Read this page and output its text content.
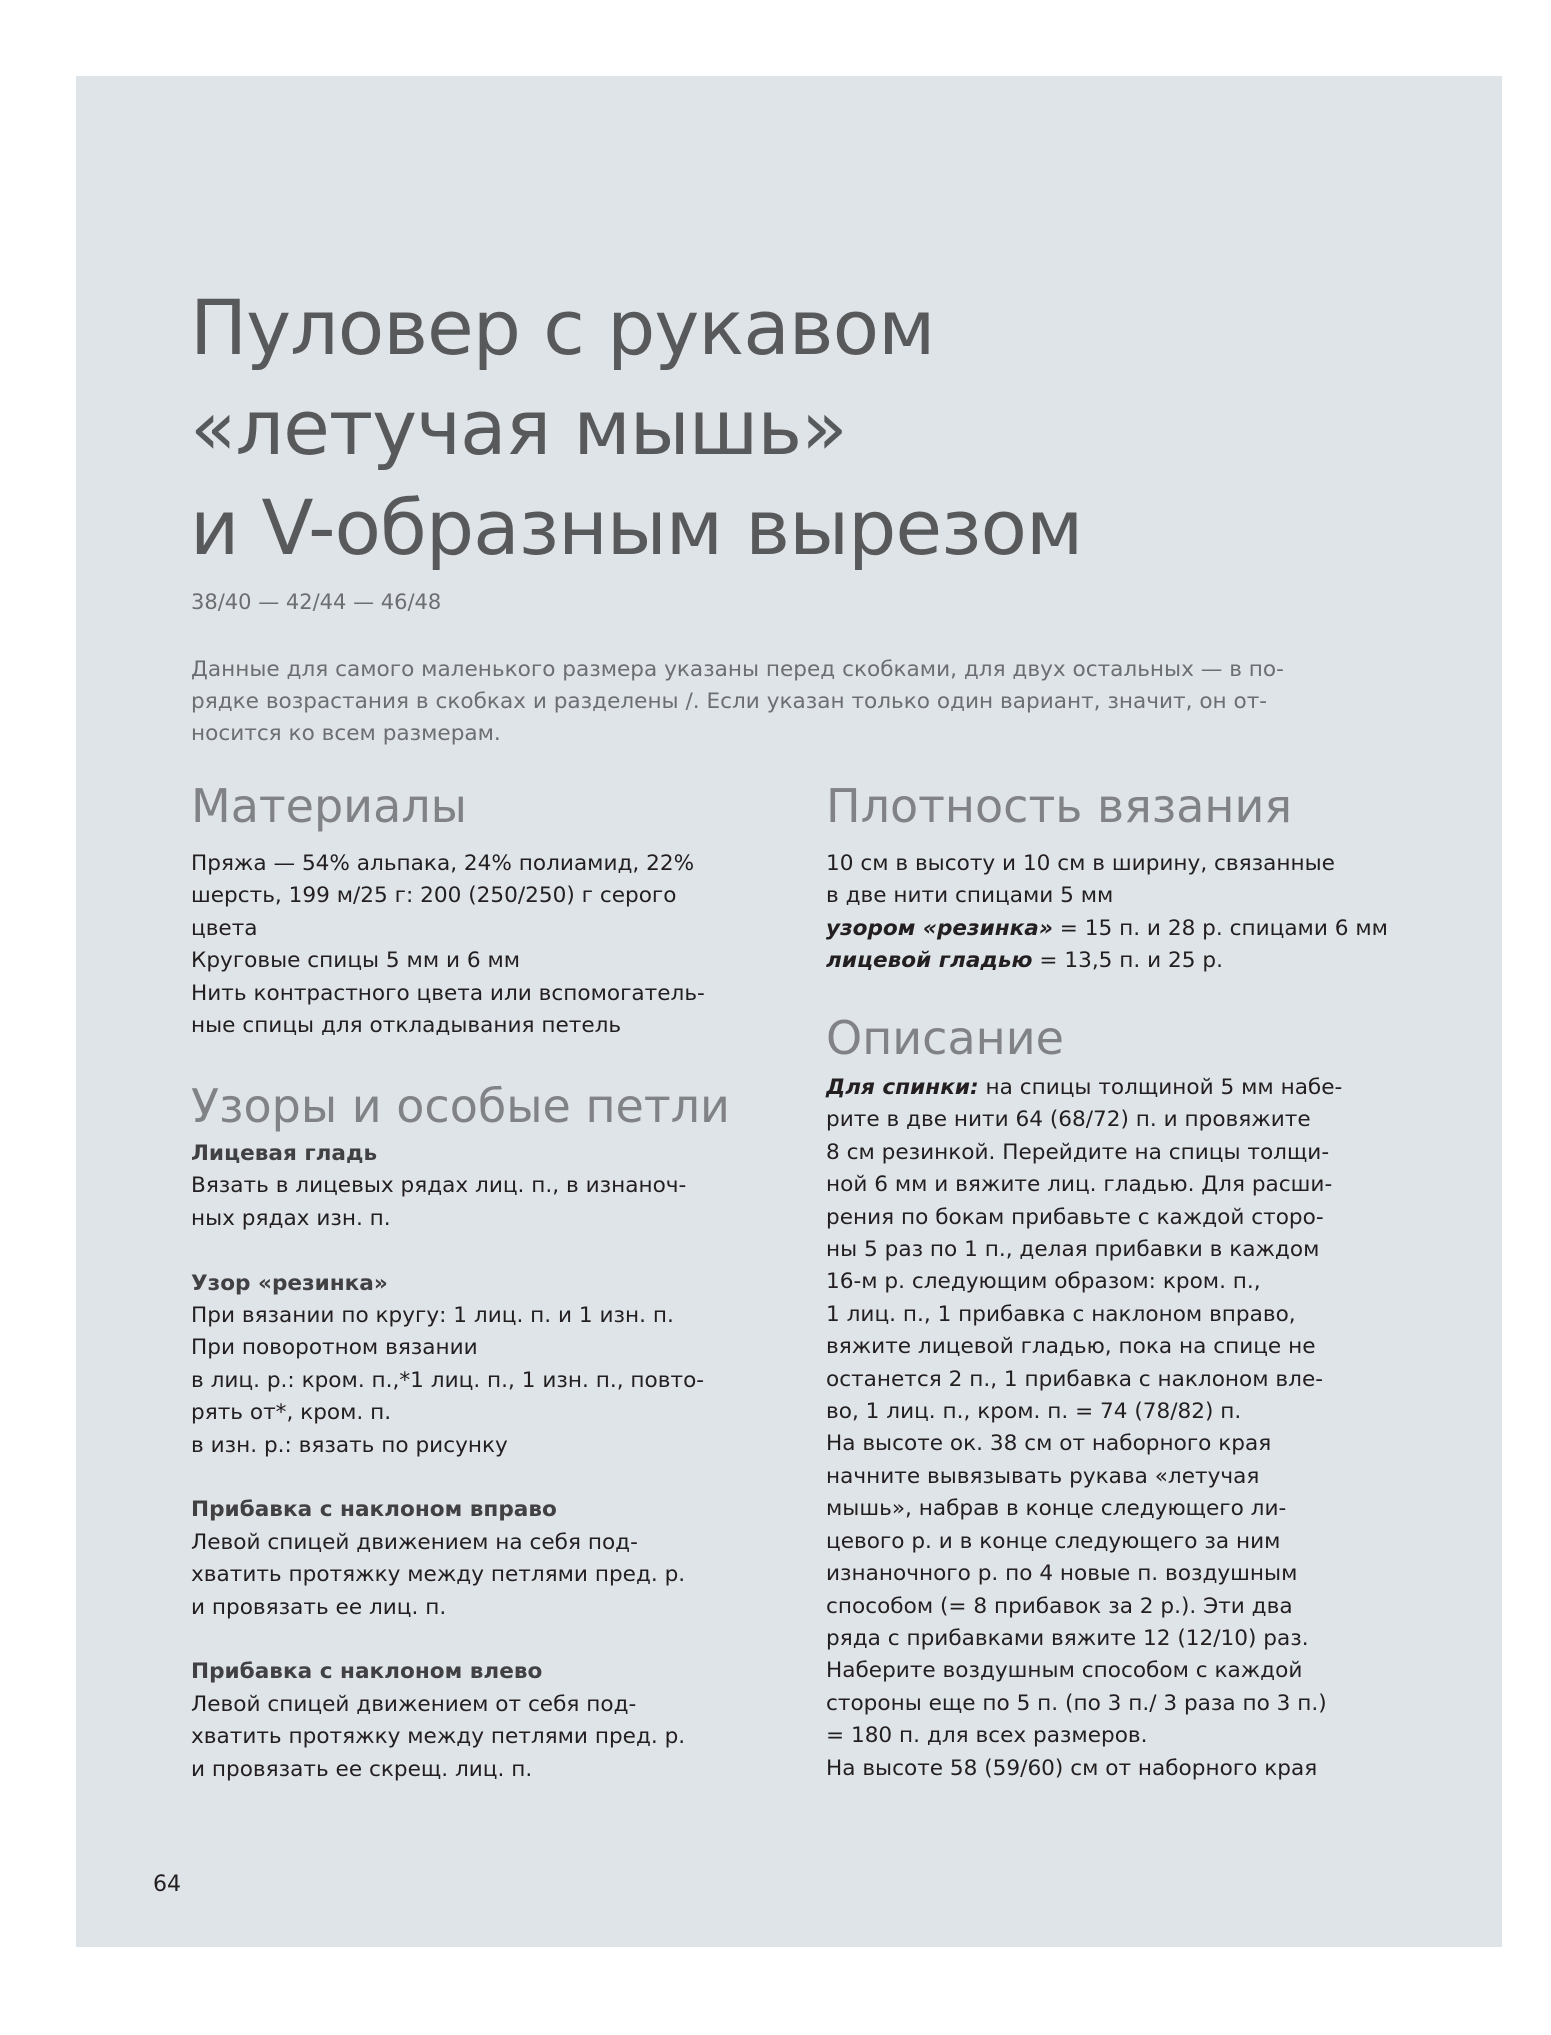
Пуловер с рукавом
«летучая мышь»
и V-образным вырезом
38/40 — 42/44 — 46/48
Данные для самого маленького размера указаны перед скобками, для двух остальных — в по-
рядке возрастания в скобках и разделены /. Если указан только один вариант, значит, он от-
носится ко всем размерам.
Материалы
Пряжа — 54% альпака, 24% полиамид, 22%
шерсть, 199 м/25 г: 200 (250/250) г серого
цвета
Круговые спицы 5 мм и 6 мм
Нить контрастного цвета или вспомогатель-
ные спицы для откладывания петель
Узоры и особые петли
Лицевая гладь
Вязать в лицевых рядах лиц. п., в изнаноч-
ных рядах изн. п.
Узор «резинка»
При вязании по кругу: 1 лиц. п. и 1 изн. п.
При поворотном вязании
в лиц. р.: кром. п.,*1 лиц. п., 1 изн. п., повто-
рять от*, кром. п.
в изн. р.: вязать по рисунку
Прибавка с наклоном вправо
Левой спицей движением на себя под-
хватить протяжку между петлями пред. р.
и провязать ее лиц. п.
Прибавка с наклоном влево
Левой спицей движением от себя под-
хватить протяжку между петлями пред. р.
и провязать ее скрещ. лиц. п.
Плотность вязания
10 см в высоту и 10 см в ширину, связанные
в две нити спицами 5 мм
узором «резинка» = 15 п. и 28 р. спицами 6 мм
лицевой гладью = 13,5 п. и 25 р.
Описание
Для спинки: на спицы толщиной 5 мм набе-
рите в две нити 64 (68/72) п. и провяжите
8 см резинкой. Перейдите на спицы толщи-
ной 6 мм и вяжите лиц. гладью. Для расши-
рения по бокам прибавьте с каждой сторо-
ны 5 раз по 1 п., делая прибавки в каждом
16-м р. следующим образом: кром. п.,
1 лиц. п., 1 прибавка с наклоном вправо,
вяжите лицевой гладью, пока на спице не
останется 2 п., 1 прибавка с наклоном вле-
во, 1 лиц. п., кром. п. = 74 (78/82) п.
На высоте ок. 38 см от наборного края
начните вывязывать рукава «летучая
мышь», набрав в конце следующего ли-
цевого р. и в конце следующего за ним
изнаночного р. по 4 новые п. воздушным
способом (= 8 прибавок за 2 р.). Эти два
ряда с прибавками вяжите 12 (12/10) раз.
Наберите воздушным способом с каждой
стороны еще по 5 п. (по 3 п./ 3 раза по 3 п.)
= 180 п. для всех размеров.
На высоте 58 (59/60) см от наборного края
64
